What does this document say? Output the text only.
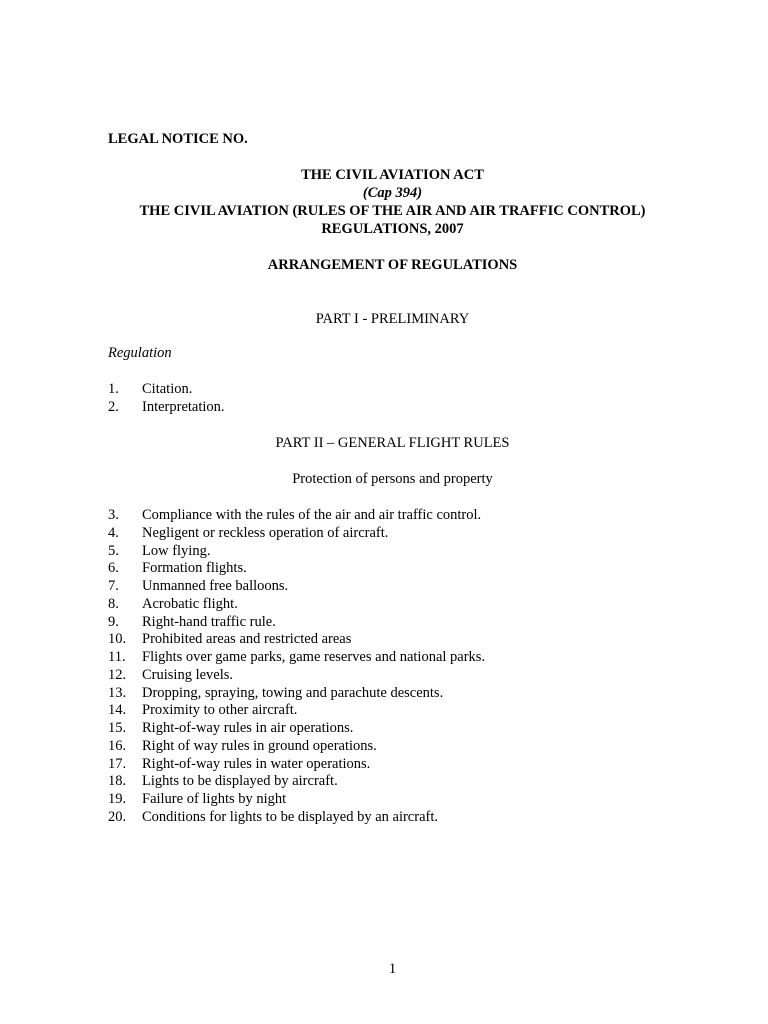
LEGAL NOTICE NO.
THE CIVIL AVIATION ACT
(Cap 394)
THE CIVIL AVIATION (RULES OF THE AIR AND AIR TRAFFIC CONTROL)
REGULATIONS, 2007
ARRANGEMENT OF REGULATIONS
PART I - PRELIMINARY
Regulation
1. Citation.
2. Interpretation.
PART II – GENERAL FLIGHT RULES
Protection of persons and property
3. Compliance with the rules of the air and air traffic control.
4. Negligent or reckless operation of aircraft.
5. Low flying.
6. Formation flights.
7. Unmanned free balloons.
8. Acrobatic flight.
9. Right-hand traffic rule.
10. Prohibited areas and restricted areas
11. Flights over game parks, game reserves and national parks.
12. Cruising levels.
13. Dropping, spraying, towing and parachute descents.
14. Proximity to other aircraft.
15. Right-of-way rules in air operations.
16. Right of way rules in ground operations.
17. Right-of-way rules in water operations.
18. Lights to be displayed by aircraft.
19. Failure of lights by night
20. Conditions for lights to be displayed by an aircraft.
1
